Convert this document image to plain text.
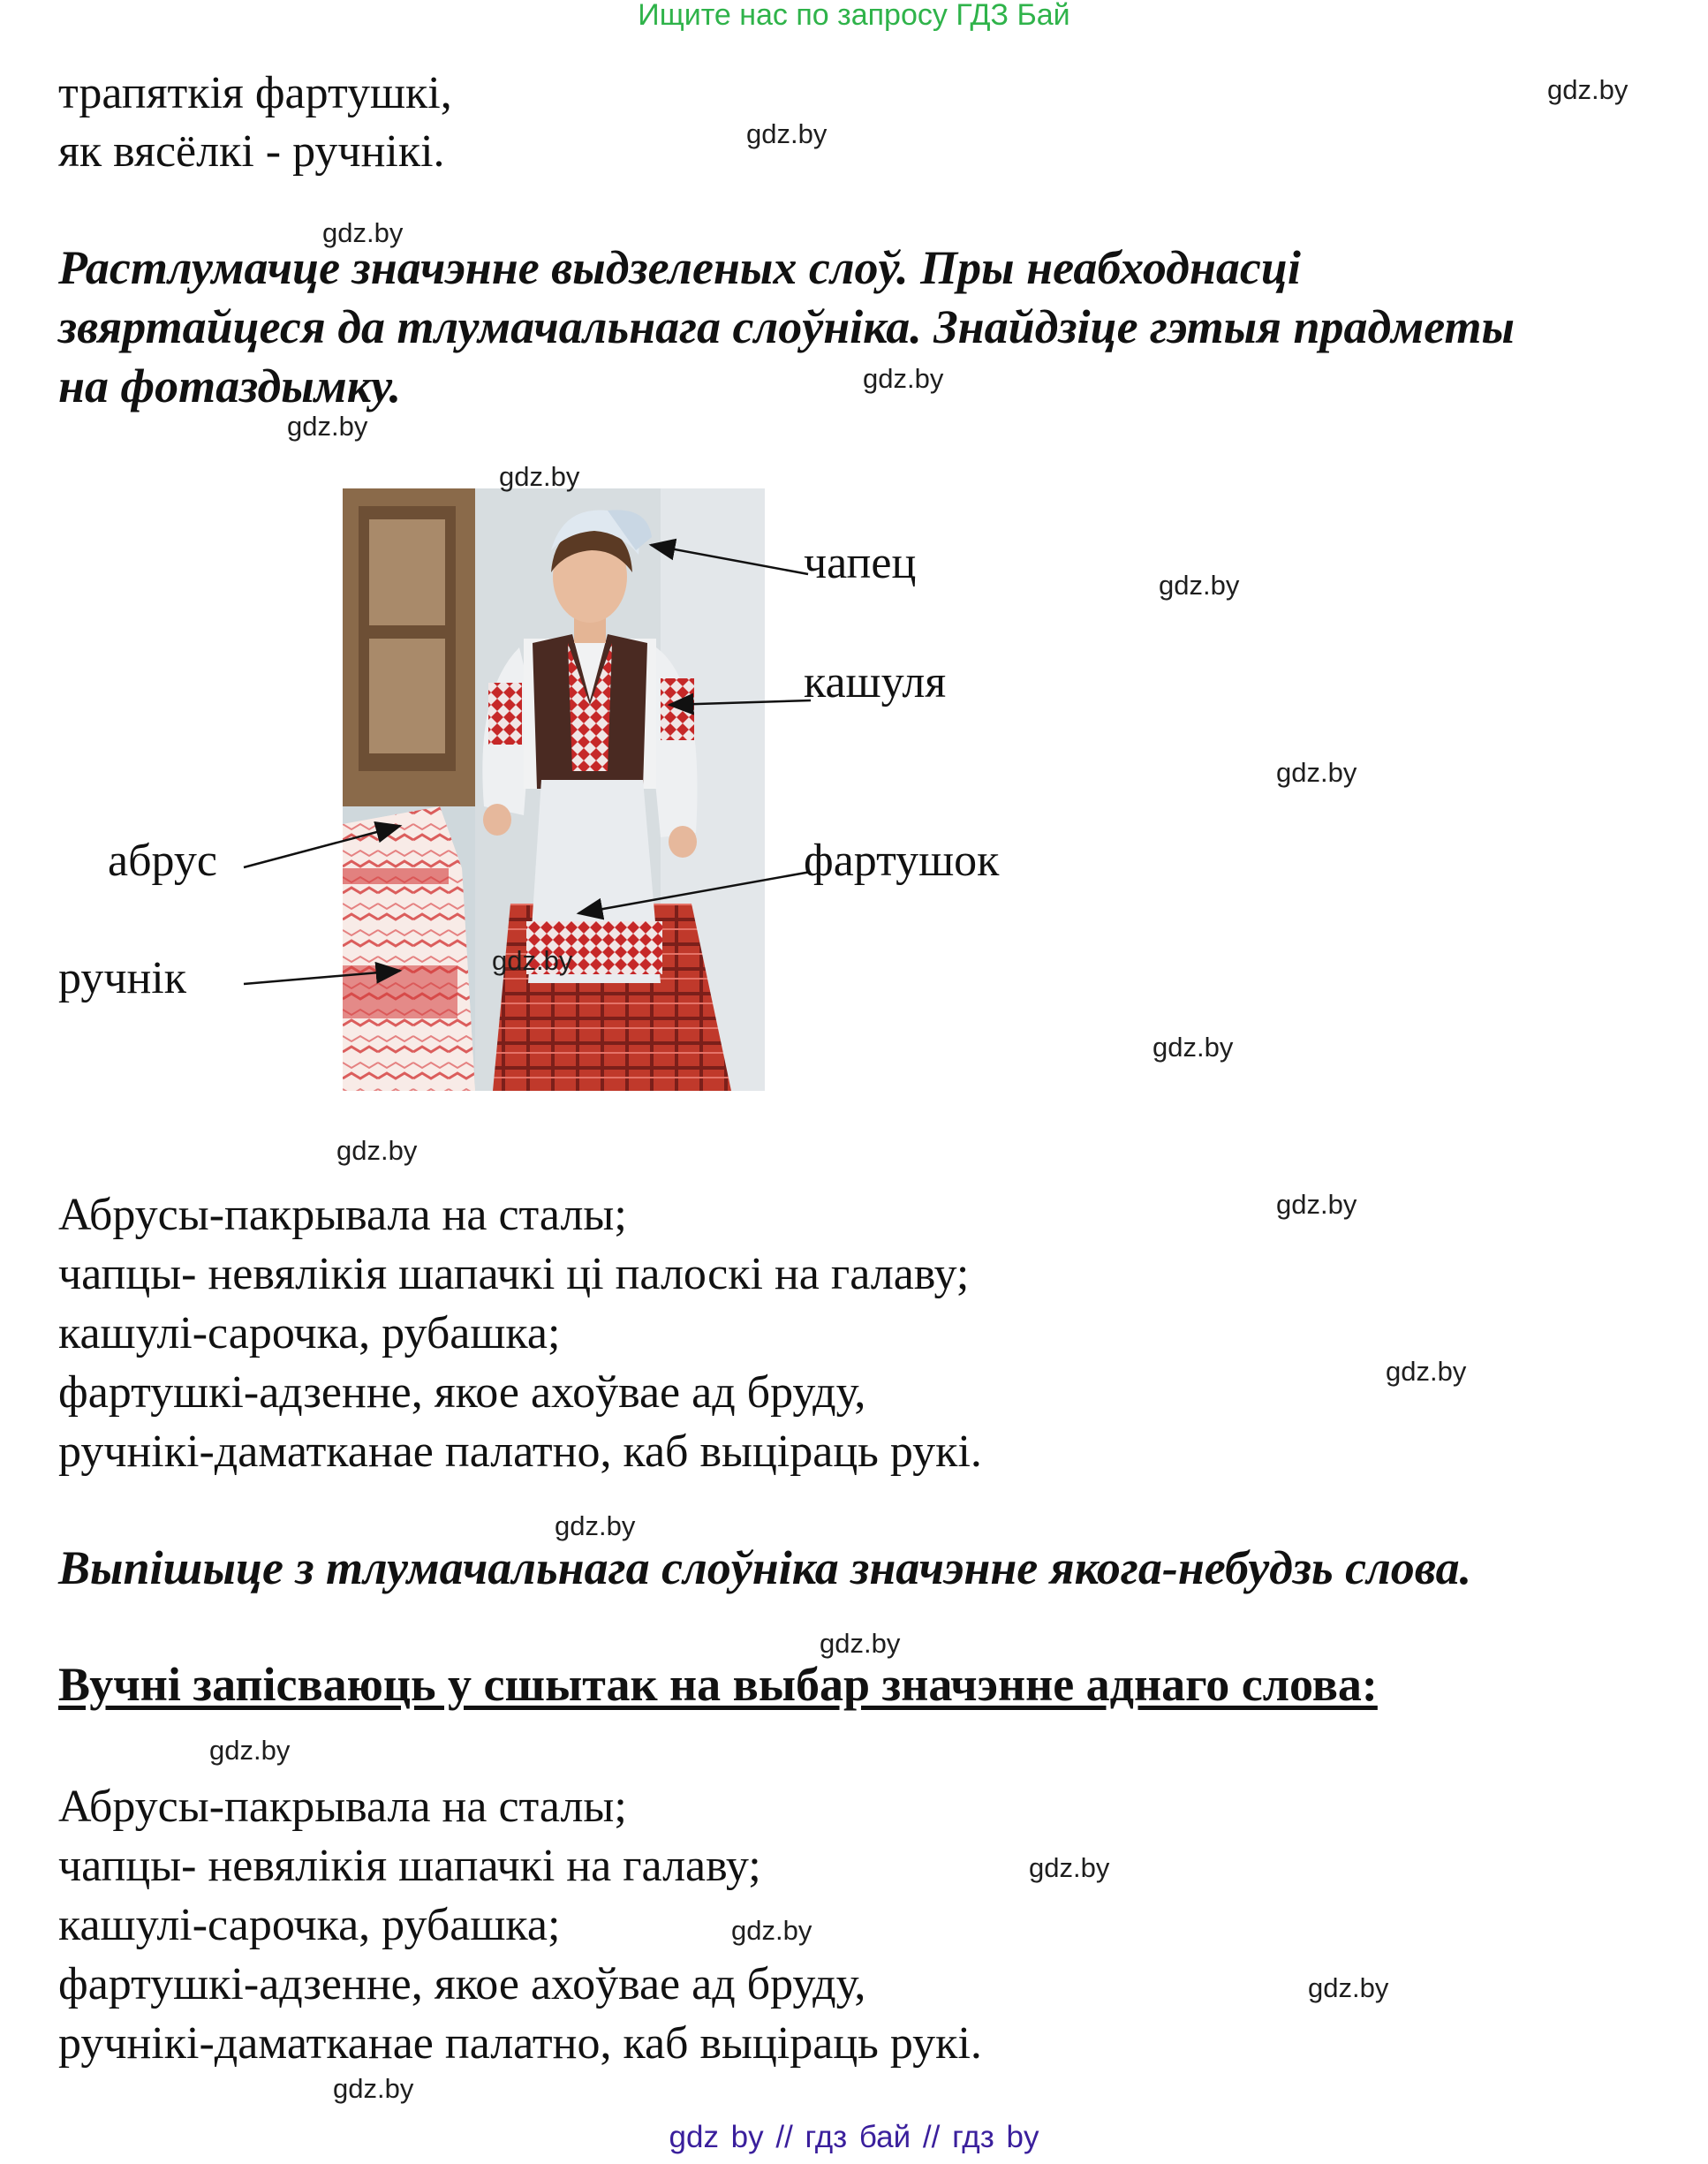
Ищите нас по запросу ГДЗ Бай
трапяткія фартушкі,
як вясёлкі - ручнікі.
Растлумачце значэнне выдзеленых слоў. Пры неабходнасці
звяртайцеся да тлумачальнага слоўніка. Знайдзіце гэтыя прадметы
на фотаздымку.
чапец
кашуля
фартушок
абрус
ручнік
Абрусы-пакрывала на сталы;
чапцы- невялікія шапачкі ці палоскі на галаву;
кашулі-сарочка, рубашка;
фартушкі-адзенне, якое ахоўвае ад бруду,
ручнікі-даматканае палатно, каб выціраць рукі.
Выпішыце з тлумачальнага слоўніка значэнне якога-небудзь слова.
Вучні запісваюць у сшытак на выбар значэнне аднаго слова:
Абрусы-пакрывала на сталы;
чапцы- невялікія шапачкі на галаву;
кашулі-сарочка, рубашка;
фартушкі-адзенне, якое ахоўвае ад бруду,
ручнікі-даматканае палатно, каб выціраць рукі.
gdz.by
gdz.by
gdz.by
gdz.by
gdz.by
gdz.by
gdz.by
gdz.by
gdz.by
gdz.by
gdz.by
gdz.by
gdz.by
gdz.by
gdz.by
gdz.by
gdz.by
gdz.by
gdz.by
gdz.by
gdz by // гдз бай // гдз by
